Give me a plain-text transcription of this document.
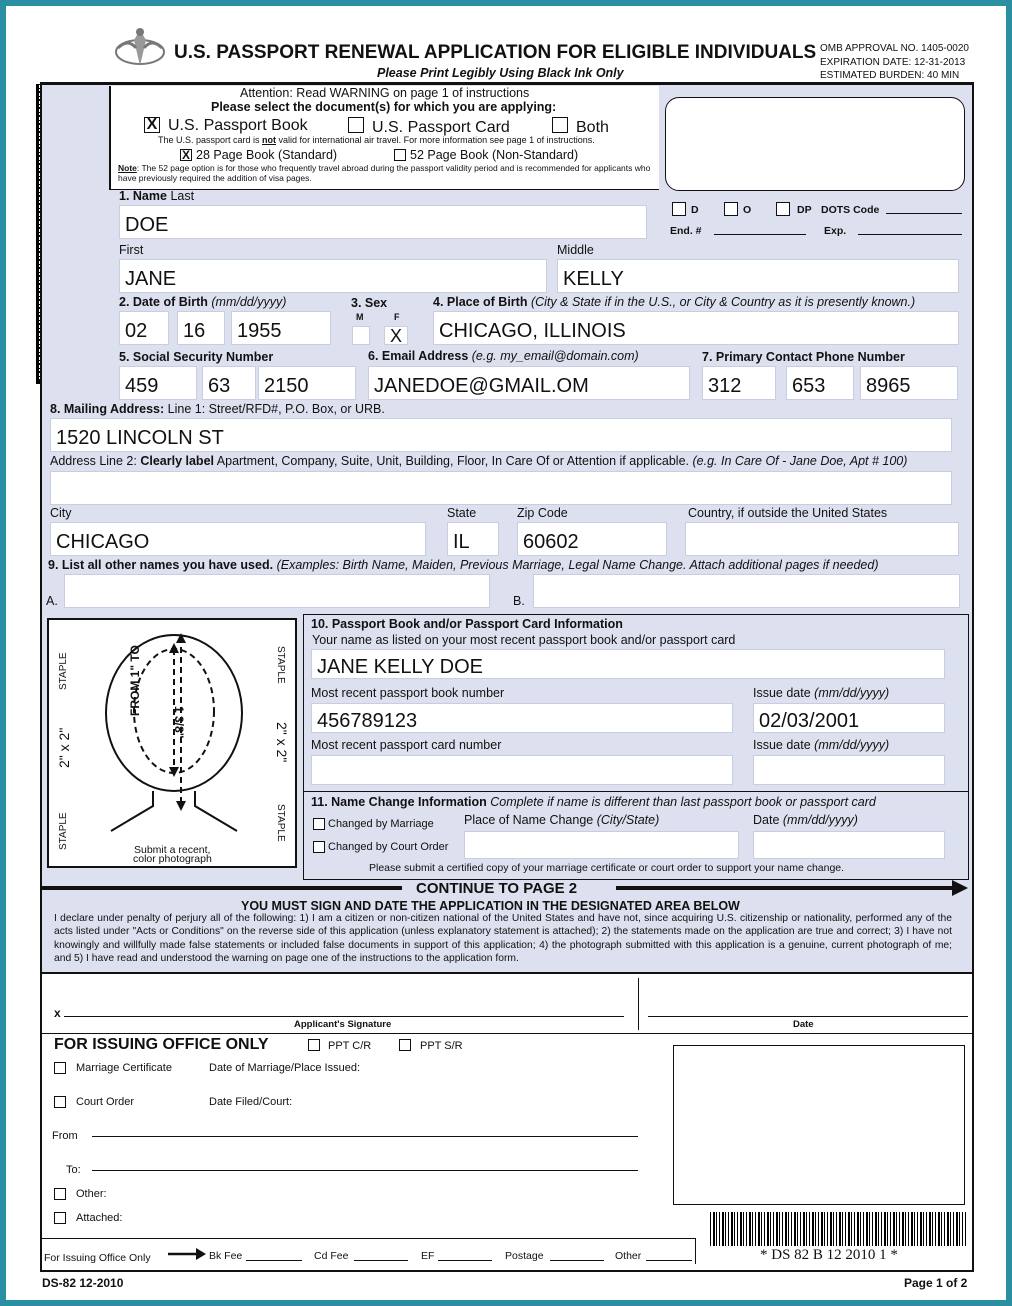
U.S. PASSPORT RENEWAL APPLICATION FOR ELIGIBLE INDIVIDUALS
Please Print Legibly Using Black Ink Only
OMB APPROVAL NO. 1405-0020
EXPIRATION DATE: 12-31-2013
ESTIMATED BURDEN: 40 MIN
Attention: Read WARNING on page 1 of instructions
Please select the document(s) for which you are applying:
X U.S. Passport Book	U.S. Passport Card	Both
The U.S. passport card is not valid for international air travel. For more information see page 1 of instructions.
X 28 Page Book (Standard)	52 Page Book (Non-Standard)
Note: The 52 page option is for those who frequently travel abroad during the passport validity period and is recommended for applicants who have previously required the addition of visa pages.
D	O	DP DOTS Code
End. #	Exp.
1. Name Last
DOE
First
JANE
Middle
KELLY
2. Date of Birth (mm/dd/yyyy)
02	16	1955
3. Sex
M	F
X
4. Place of Birth (City & State if in the U.S., or City & Country as it is presently known.)
CHICAGO, ILLINOIS
5. Social Security Number
459	63	2150
6. Email Address (e.g. my_email@domain.com)
JANEDOE@GMAIL.OM
7. Primary Contact Phone Number
312	653	8965
8. Mailing Address: Line 1: Street/RFD#, P.O. Box, or URB.
1520 LINCOLN ST
Address Line 2: Clearly label Apartment, Company, Suite, Unit, Building, Floor, In Care Of or Attention if applicable. (e.g. In Care Of - Jane Doe, Apt # 100)
City
CHICAGO
State
IL
Zip Code
60602
Country, if outside the United States
9. List all other names you have used. (Examples: Birth Name, Maiden, Previous Marriage, Legal Name Change. Attach additional pages if needed)
A.	B.
FROM 1" TO
1 3/8"
STAPLE
STAPLE
STAPLE
STAPLE
2" x 2"	2" x 2"
Submit a recent,
color photograph
10. Passport Book and/or Passport Card Information
Your name as listed on your most recent passport book and/or passport card
JANE KELLY DOE
Most recent passport book number
456789123
Issue date (mm/dd/yyyy)
02/03/2001
Most recent passport card number	Issue date (mm/dd/yyyy)
11. Name Change Information Complete if name is different than last passport book or passport card
Changed by Marriage
Changed by Court Order
Place of Name Change (City/State)	Date (mm/dd/yyyy)
Please submit a certified copy of your marriage certificate or court order to support your name change.
CONTINUE TO PAGE 2
YOU MUST SIGN AND DATE THE APPLICATION IN THE DESIGNATED AREA BELOW
I declare under penalty of perjury all of the following: 1) I am a citizen or non-citizen national of the United States and have not, since acquiring U.S. citizenship or nationality, performed any of the acts listed under "Acts or Conditions" on the reverse side of this application (unless explanatory statement is attached); 2) the statements made on the application are true and correct; 3) I have not knowingly and willfully made false statements or included false documents in support of this application; 4) the photograph submitted with this application is a genuine, current photograph of me; and 5) I have read and understood the warning on page one of the instructions to the application form.
x
Applicant's Signature	Date
FOR ISSUING OFFICE ONLY	PPT C/R	PPT S/R
Marriage Certificate	Date of Marriage/Place Issued:
Court Order	Date Filed/Court:
From
To:
Other:
Attached:
For Issuing Office Only	Bk Fee	Cd Fee	EF	Postage	Other	* DS 82 B 12 2010 1 *
DS-82 12-2010	Page 1 of 2
